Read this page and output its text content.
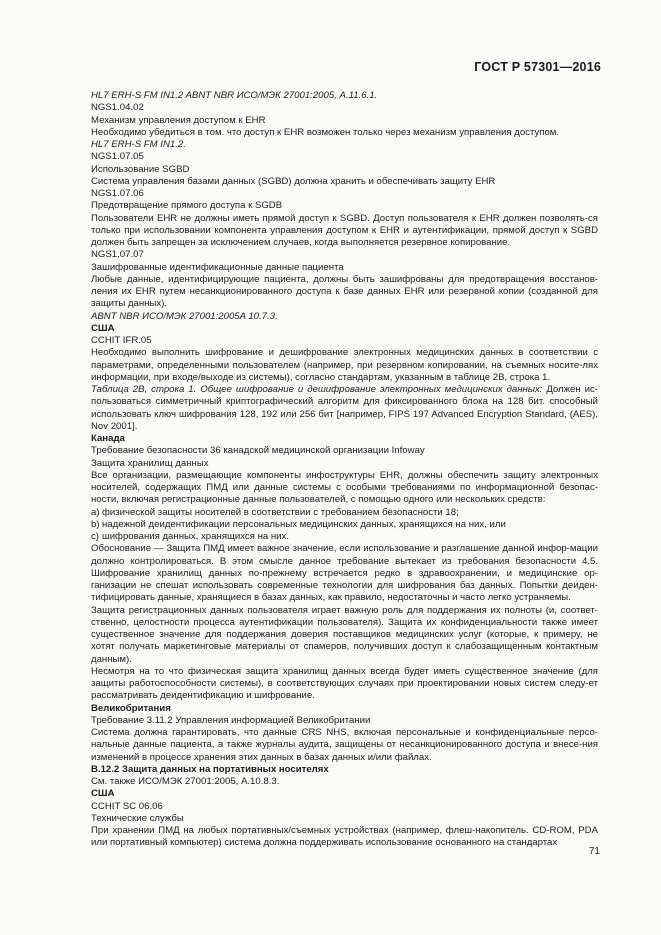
ГОСТ Р 57301—2016

HL7 ERH-S FM IN1.2 ABNT NBR ИСО/МЭК 27001:2005, A.11.6.1.

NGS1.04.02

Механизм управления доступом к EHR

Необходимо убедиться в том. что доступ к EHR возможен только через механизм управления доступом.

HL7 ERH-S FM IN1.2.

NGS1.07.05

Использование SGBD

Система управления базами данных (SGBD) должна хранить и обеспечивать защиту EHR

NGS1.07.06

Предотвращение прямого доступа к SGDB

Пользователи EHR не должны иметь прямой доступ к SGBD. Доступ пользователя к EHR должен позволять-ся только при использовании компонента управления доступом к EHR и аутентификации, прямой доступ к SGBD должен быть запрещен за исключением случаев, когда выполняется резервное копирование.

NGS1.07.07

Зашифрованные идентификационные данные пациента

Любые данные, идентифицирующие пациента, должны быть зашифрованы для предотвращения восстанов-ления их EHR путем несанкционированного доступа к базе данных EHR или резервной копии (созданной для защиты данных).

ABNT NBR ИСО/МЭК 27001:2005A 10.7.3.

США

CCHIT IFR.05

Необходимо выполнить шифрование и дешифрование электронных медицинских данных в соответствии с параметрами, определенными пользователем (например, при резервном копировании, на съемных носите-лях информации, при входе/выходе из системы), согласно стандартам, указанным в таблице 2B, строка 1.

Таблица 2B, строка 1. Общее шифрование и дешифрование электронных медицинских данных: Должен ис-пользоваться симметричный криптографический алгоритм для фиксированного блока на 128 бит. способный использовать ключ шифрования 128, 192 или 256 бит [например, FIPS 197 Advanced Encryption Standard, (AES), Nov 2001].

Канада

Требование безопасности 36 канадской медицинской организации Infoway

Защита хранилищ данных

Все организации, размещающие компоненты инфоструктуры EHR, должны обеспечить защиту электронных носителей, содержащих ПМД или данные системы с особыми требованиями по информационной безопас-ности, включая регистрационные данные пользователей, с помощью одного или нескольких средств:

a) физической защиты носителей в соответствии с требованием безопасности 18;
b) надежной деидентификации персональных медицинских данных, хранящихся на них, или
c) шифрования данных, хранящихся на них.

Обоснование — Защита ПМД имеет важное значение, если использование и разглашение данной инфор-мации должно контролироваться. В этом смысле данное требование вытекает из требования безопасности 4.5. Шифрование хранилищ данных по-прежнему встречается редко в здравоохранении, и медицинские ор-ганизации не спешат использовать современные технологии для шифрования баз данных. Попытки деиден-тифицировать данные, хранящиеся в базах данных, как правило, недостаточны и часто легко устраняемы.

Защита регистрационных данных пользователя играет важную роль для поддержания их полноты (и, соответ-ственно, целостности процесса аутентификации пользователя). Защита их конфиденциальности также имеет существенное значение для поддержания доверия поставщиков медицинских услуг (которые, к примеру, не хотят получать маркетинговые материалы от спамеров, получивших доступ к слабозащищенным контактным данным).

Несмотря на то что физическая защита хранилищ данных всегда будет иметь существенное значение (для защиты работоспособности системы), в соответствующих случаях при проектировании новых систем следу-ет рассматривать деидентификацию и шифрование.

Великобритания

Требование 3.11.2 Управления информацией Великобритании

Система должна гарантировать, что данные CRS NHS, включая персональные и конфиденциальные персо-нальные данные пациента, а также журналы аудита, защищены от несанкционированного доступа и внесе-ния изменений в процессе хранения этих данных в базах данных и/или файлах.

B.12.2 Защита данных на портативных носителях

См. также ИСО/МЭК 27001:2005, A.10.8.3.

США

CCHIT SC 06.06

Технические службы

При хранении ПМД на любых портативных/съемных устройствах (например, флеш-накопитель. CD-ROM, PDA или портативный компьютер) система должна поддерживать использование основанного на стандартах

71
